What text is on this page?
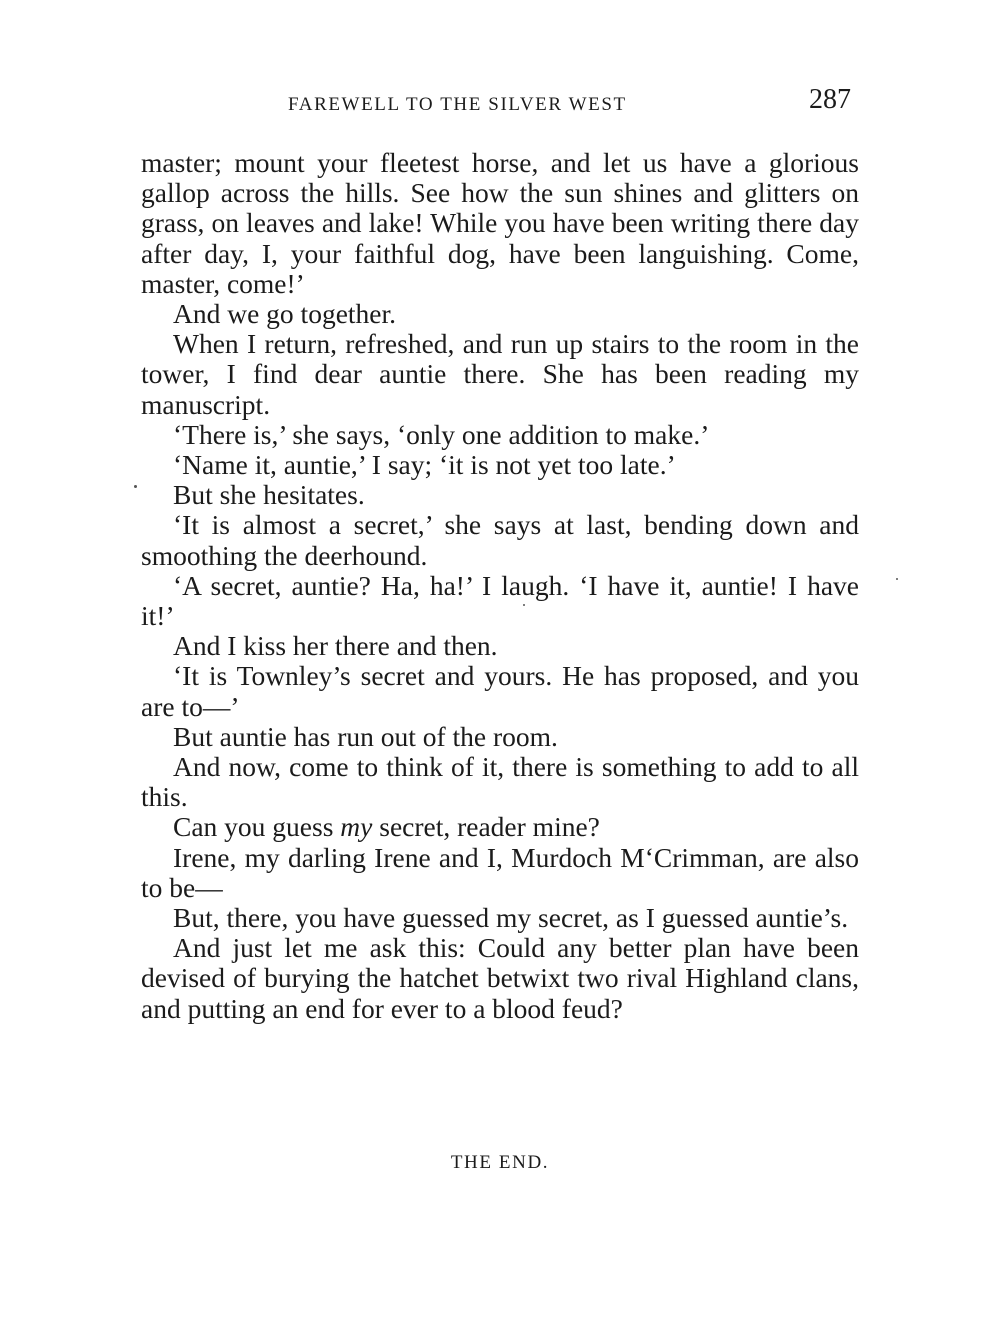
FAREWELL TO THE SILVER WEST	287

master; mount your fleetest horse, and let us have a glorious gallop across the hills. See how the sun shines and glitters on grass, on leaves and lake! While you have been writing there day after day, I, your faithful dog, have been languishing. Come, master, come!’

And we go together.

When I return, refreshed, and run up stairs to the room in the tower, I find dear auntie there. She has been reading my manuscript.

‘There is,’ she says, ‘only one addition to make.’

‘Name it, auntie,’ I say; ‘it is not yet too late.’

But she hesitates.

‘It is almost a secret,’ she says at last, bending down and smoothing the deerhound.

‘A secret, auntie? Ha, ha!’ I laugh. ‘I have it, auntie! I have it!’

And I kiss her there and then.

‘It is Townley’s secret and yours. He has proposed, and you are to—’

But auntie has run out of the room.

And now, come to think of it, there is something to add to all this.

Can you guess my secret, reader mine?

Irene, my darling Irene and I, Murdoch M‘Crimman, are also to be—

But, there, you have guessed my secret, as I guessed auntie’s.

And just let me ask this: Could any better plan have been devised of burying the hatchet betwixt two rival Highland clans, and putting an end for ever to a blood feud?

THE END.
